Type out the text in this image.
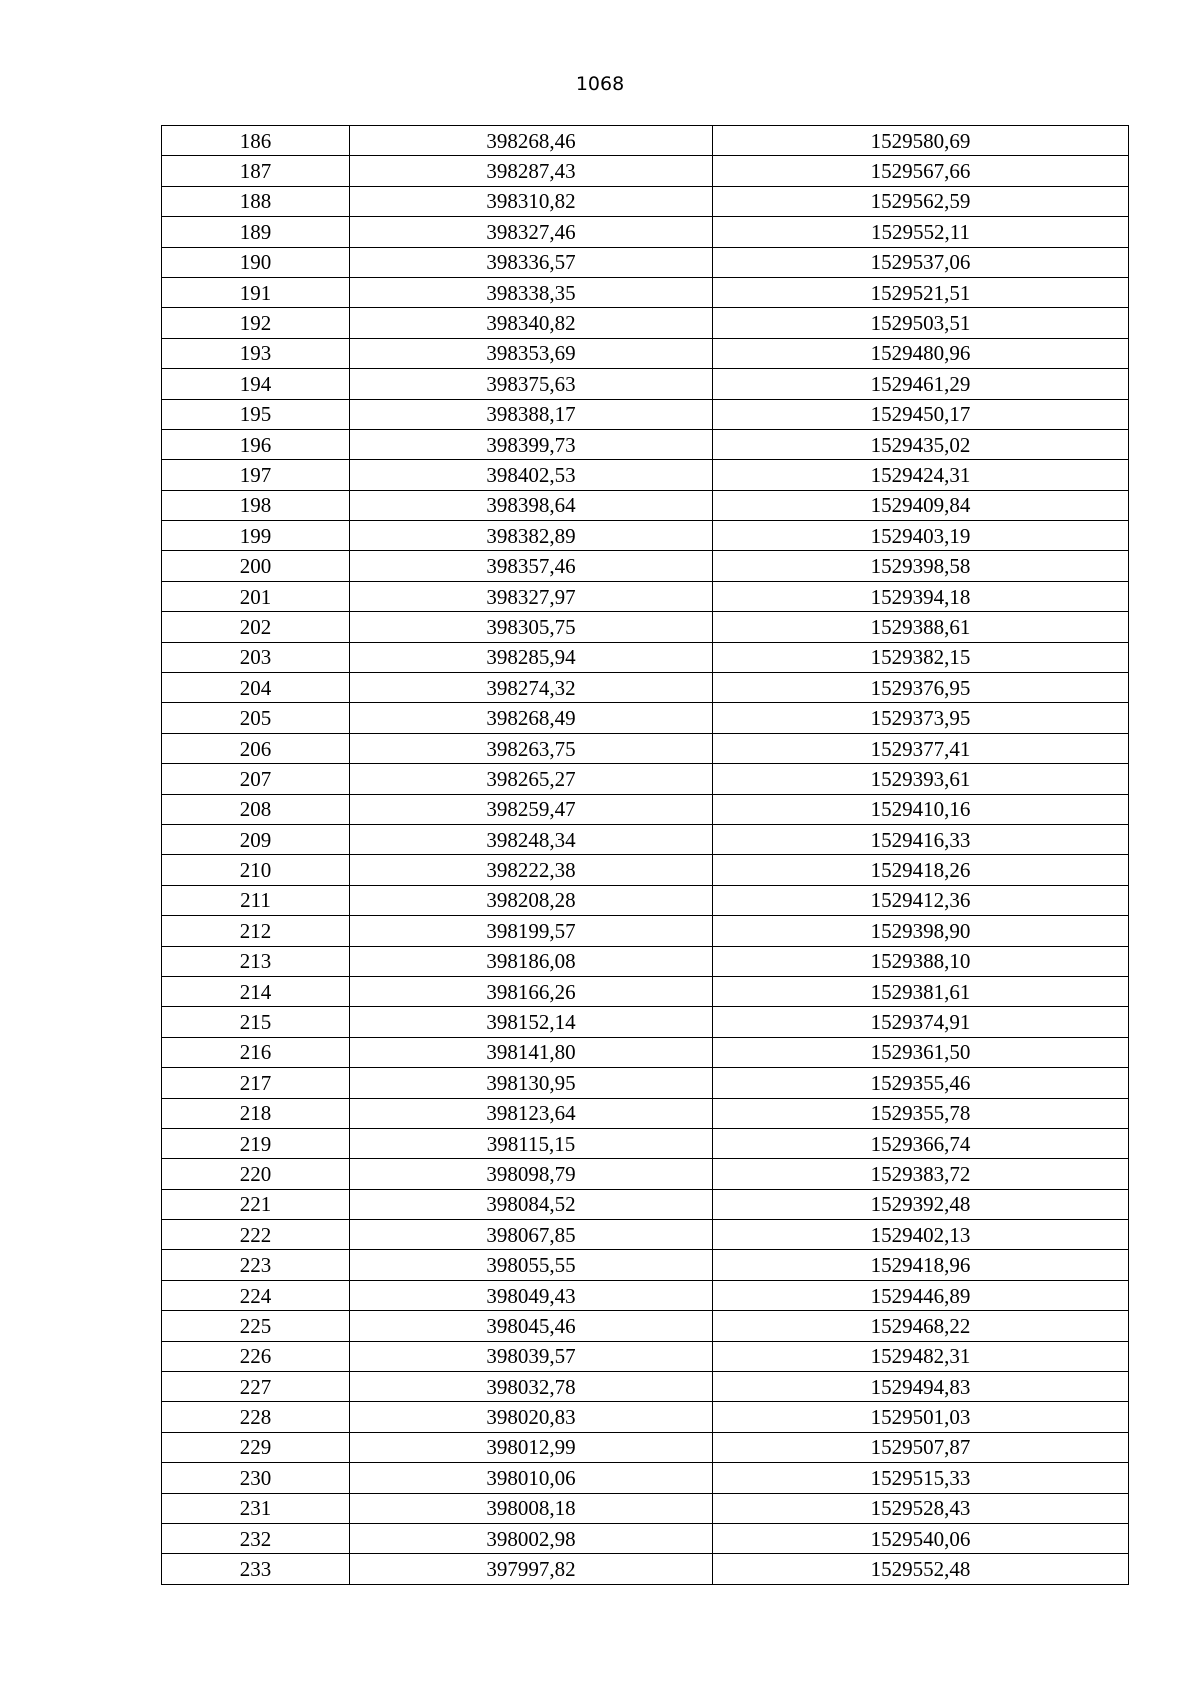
1068
186	398268,46	1529580,69
187	398287,43	1529567,66
188	398310,82	1529562,59
189	398327,46	1529552,11
190	398336,57	1529537,06
191	398338,35	1529521,51
192	398340,82	1529503,51
193	398353,69	1529480,96
194	398375,63	1529461,29
195	398388,17	1529450,17
196	398399,73	1529435,02
197	398402,53	1529424,31
198	398398,64	1529409,84
199	398382,89	1529403,19
200	398357,46	1529398,58
201	398327,97	1529394,18
202	398305,75	1529388,61
203	398285,94	1529382,15
204	398274,32	1529376,95
205	398268,49	1529373,95
206	398263,75	1529377,41
207	398265,27	1529393,61
208	398259,47	1529410,16
209	398248,34	1529416,33
210	398222,38	1529418,26
211	398208,28	1529412,36
212	398199,57	1529398,90
213	398186,08	1529388,10
214	398166,26	1529381,61
215	398152,14	1529374,91
216	398141,80	1529361,50
217	398130,95	1529355,46
218	398123,64	1529355,78
219	398115,15	1529366,74
220	398098,79	1529383,72
221	398084,52	1529392,48
222	398067,85	1529402,13
223	398055,55	1529418,96
224	398049,43	1529446,89
225	398045,46	1529468,22
226	398039,57	1529482,31
227	398032,78	1529494,83
228	398020,83	1529501,03
229	398012,99	1529507,87
230	398010,06	1529515,33
231	398008,18	1529528,43
232	398002,98	1529540,06
233	397997,82	1529552,48
